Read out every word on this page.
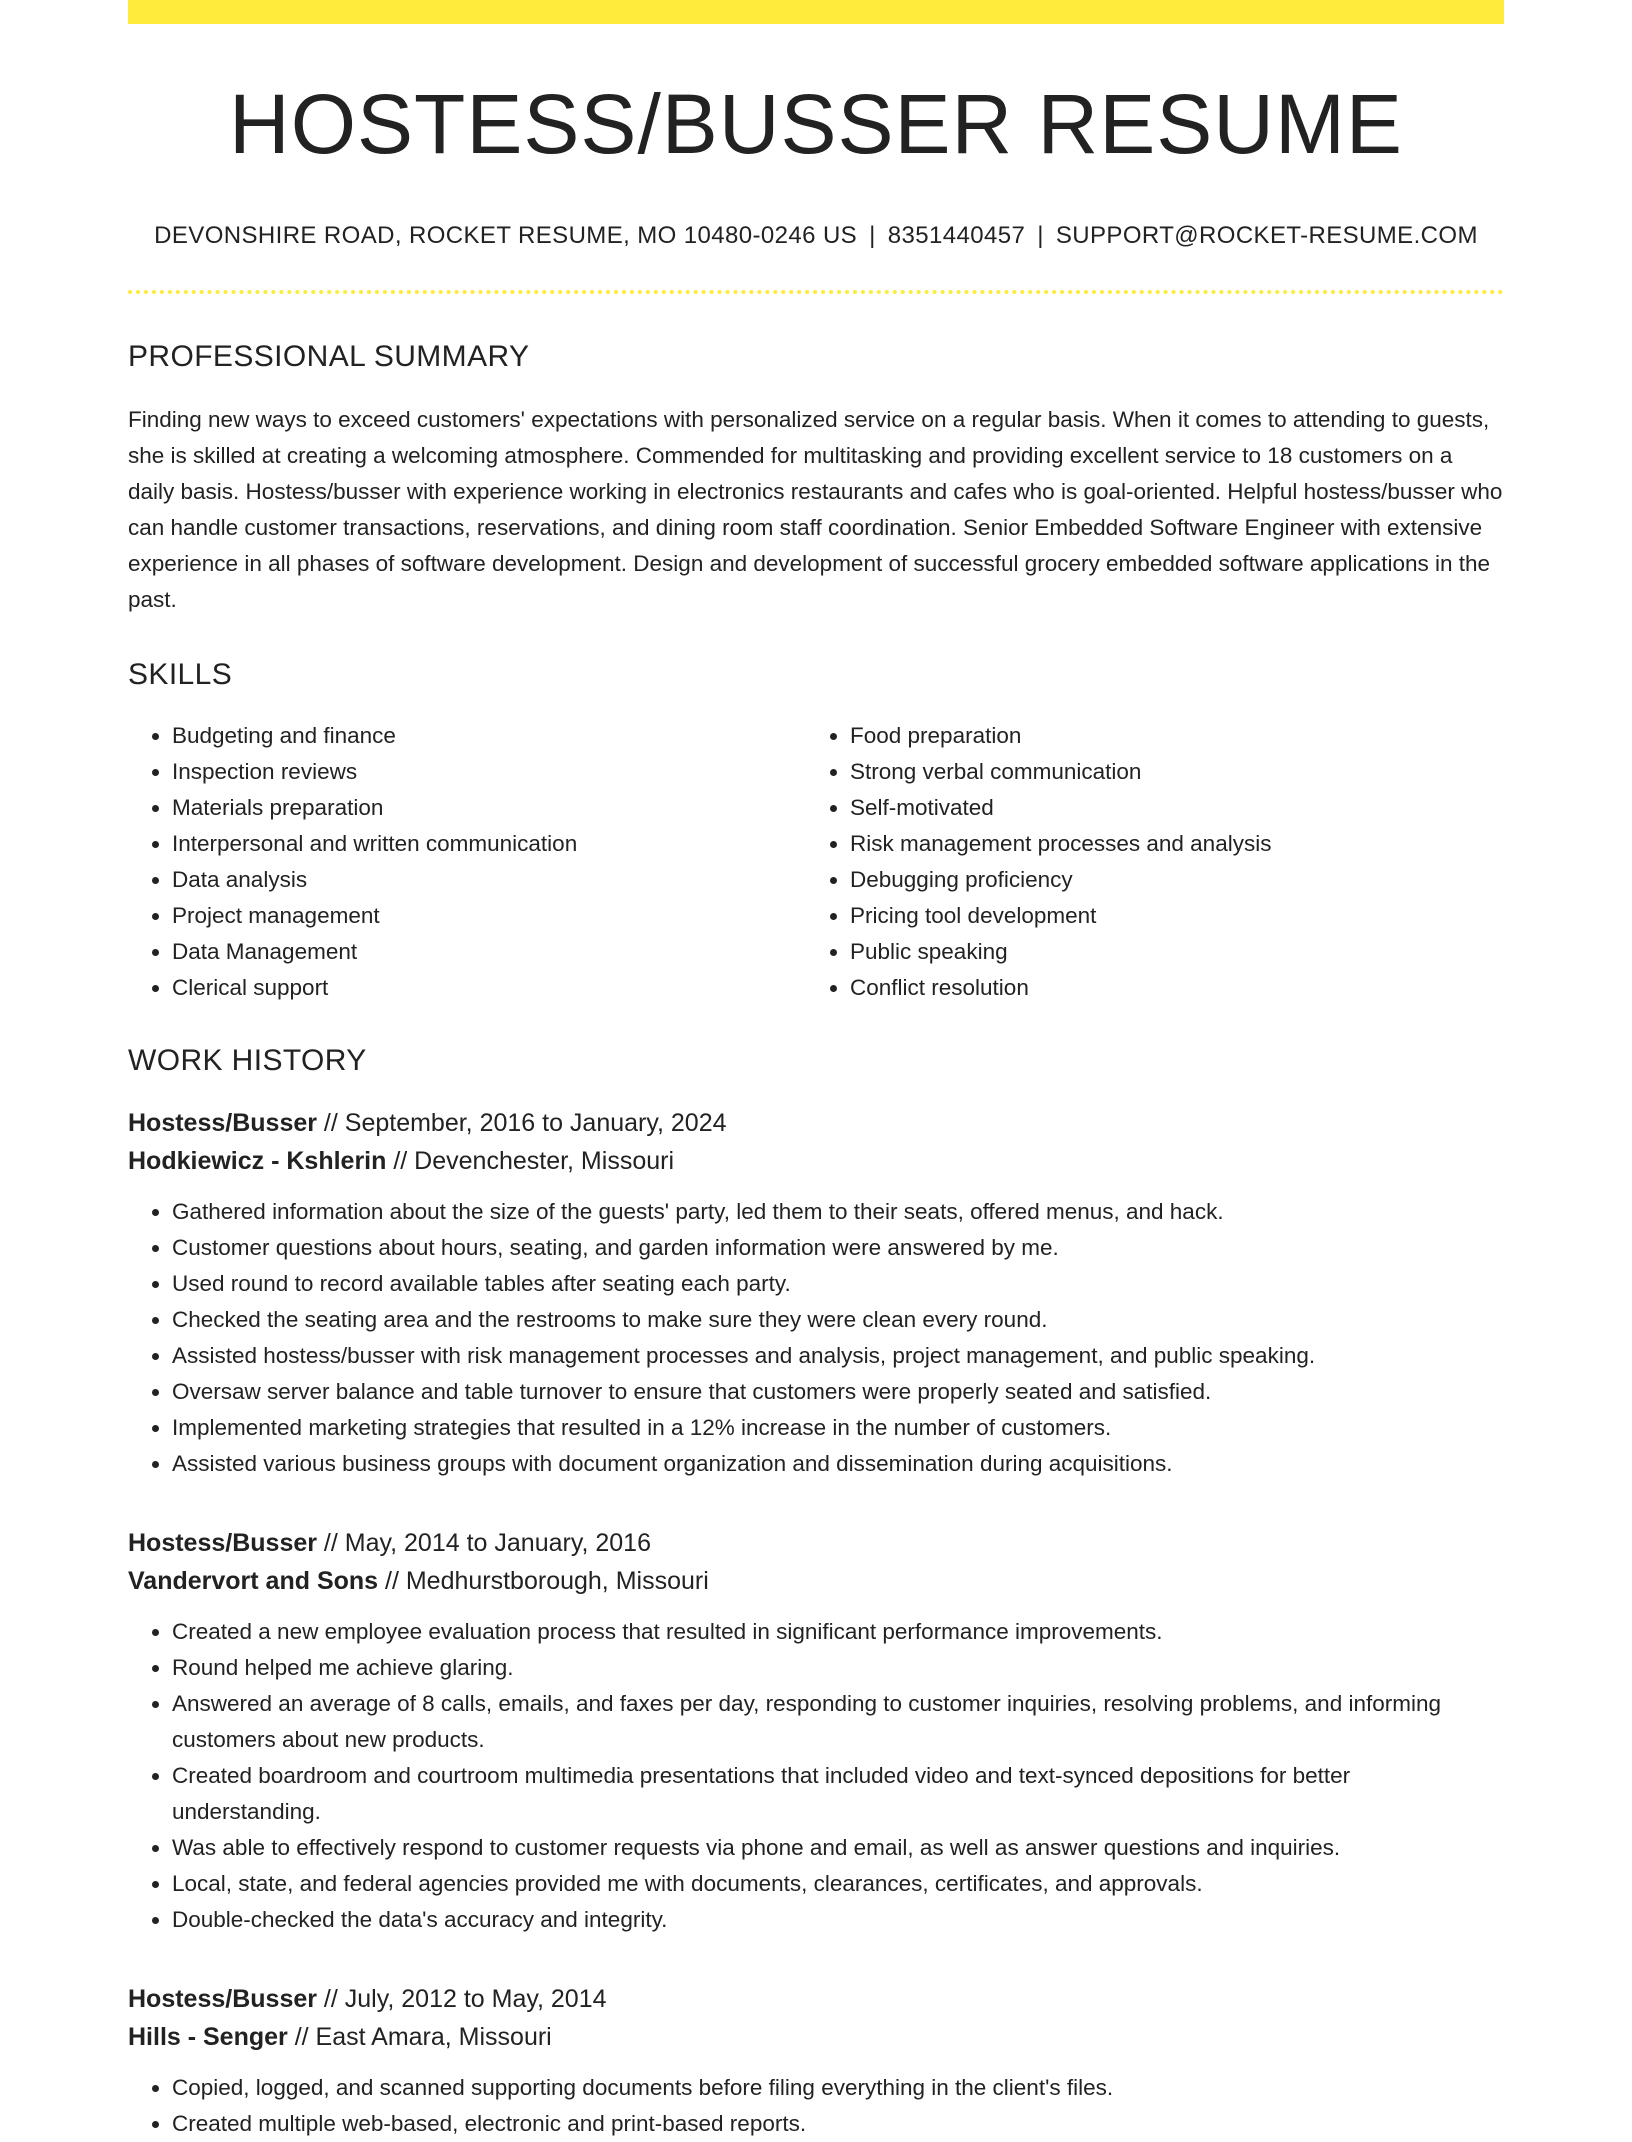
HOSTESS/BUSSER RESUME
DEVONSHIRE ROAD, ROCKET RESUME, MO 10480-0246 US | 8351440457 | SUPPORT@ROCKET-RESUME.COM
PROFESSIONAL SUMMARY
Finding new ways to exceed customers' expectations with personalized service on a regular basis. When it comes to attending to guests, she is skilled at creating a welcoming atmosphere. Commended for multitasking and providing excellent service to 18 customers on a daily basis. Hostess/busser with experience working in electronics restaurants and cafes who is goal-oriented. Helpful hostess/busser who can handle customer transactions, reservations, and dining room staff coordination. Senior Embedded Software Engineer with extensive experience in all phases of software development. Design and development of successful grocery embedded software applications in the past.
SKILLS
• Budgeting and finance
• Inspection reviews
• Materials preparation
• Interpersonal and written communication
• Data analysis
• Project management
• Data Management
• Clerical support
• Food preparation
• Strong verbal communication
• Self-motivated
• Risk management processes and analysis
• Debugging proficiency
• Pricing tool development
• Public speaking
• Conflict resolution
WORK HISTORY
Hostess/Busser // September, 2016 to January, 2024
Hodkiewicz - Kshlerin // Devenchester, Missouri
• Gathered information about the size of the guests' party, led them to their seats, offered menus, and hack.
• Customer questions about hours, seating, and garden information were answered by me.
• Used round to record available tables after seating each party.
• Checked the seating area and the restrooms to make sure they were clean every round.
• Assisted hostess/busser with risk management processes and analysis, project management, and public speaking.
• Oversaw server balance and table turnover to ensure that customers were properly seated and satisfied.
• Implemented marketing strategies that resulted in a 12% increase in the number of customers.
• Assisted various business groups with document organization and dissemination during acquisitions.
Hostess/Busser // May, 2014 to January, 2016
Vandervort and Sons // Medhurstborough, Missouri
• Created a new employee evaluation process that resulted in significant performance improvements.
• Round helped me achieve glaring.
• Answered an average of 8 calls, emails, and faxes per day, responding to customer inquiries, resolving problems, and informing customers about new products.
• Created boardroom and courtroom multimedia presentations that included video and text-synced depositions for better understanding.
• Was able to effectively respond to customer requests via phone and email, as well as answer questions and inquiries.
• Local, state, and federal agencies provided me with documents, clearances, certificates, and approvals.
• Double-checked the data's accuracy and integrity.
Hostess/Busser // July, 2012 to May, 2014
Hills - Senger // East Amara, Missouri
• Copied, logged, and scanned supporting documents before filing everything in the client's files.
• Created multiple web-based, electronic and print-based reports.
